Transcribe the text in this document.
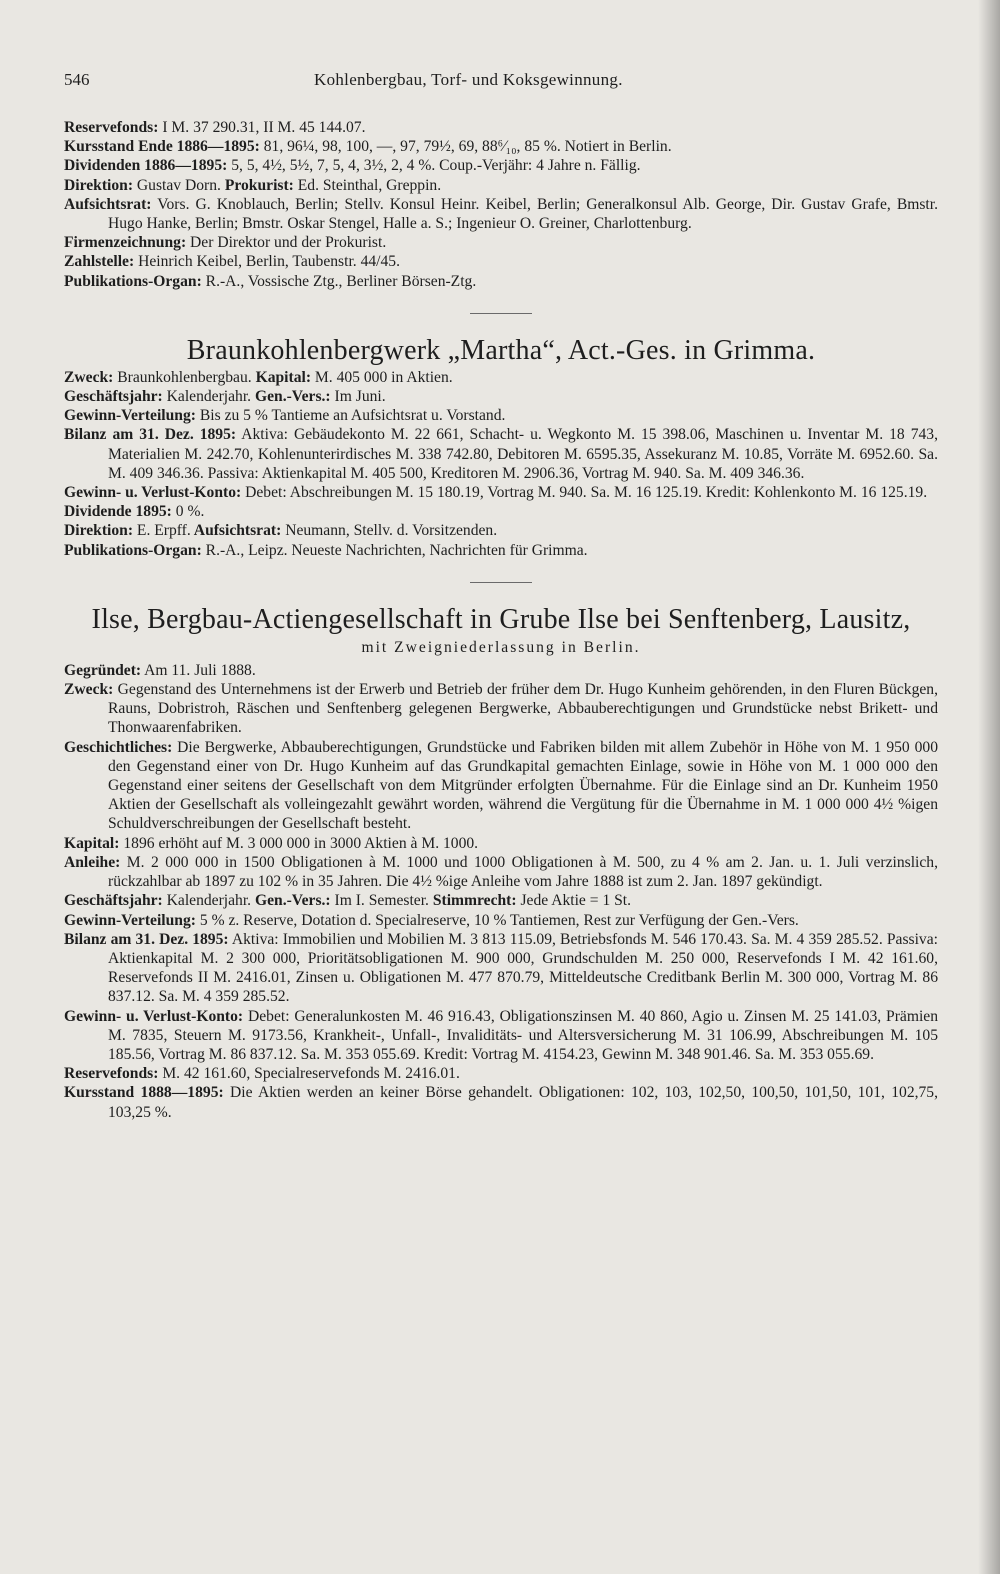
546	Kohlenbergbau, Torf- und Koksgewinnung.

Reservefonds: I M. 37 290.31, II M. 45 144.07.

Kursstand Ende 1886—1895: 81, 96¼, 98, 100, —, 97, 79½, 69, 88⁶⁄₁₀, 85 %. Notiert in Berlin.

Dividenden 1886—1895: 5, 5, 4½, 5½, 7, 5, 4, 3½, 2, 4 %. Coup.-Verjähr: 4 Jahre n. Fällig.

Direktion: Gustav Dorn. Prokurist: Ed. Steinthal, Greppin.

Aufsichtsrat: Vors. G. Knoblauch, Berlin; Stellv. Konsul Heinr. Keibel, Berlin; Generalkonsul Alb. George, Dir. Gustav Grafe, Bmstr. Hugo Hanke, Berlin; Bmstr. Oskar Stengel, Halle a. S.; Ingenieur O. Greiner, Charlottenburg.

Firmenzeichnung: Der Direktor und der Prokurist.

Zahlstelle: Heinrich Keibel, Berlin, Taubenstr. 44/45.

Publikations-Organ: R.-A., Vossische Ztg., Berliner Börsen-Ztg.

Braunkohlenbergwerk „Martha“, Act.-Ges. in Grimma.

Zweck: Braunkohlenbergbau. Kapital: M. 405 000 in Aktien.

Geschäftsjahr: Kalenderjahr. Gen.-Vers.: Im Juni.

Gewinn-Verteilung: Bis zu 5 % Tantieme an Aufsichtsrat u. Vorstand.

Bilanz am 31. Dez. 1895: Aktiva: Gebäudekonto M. 22 661, Schacht- u. Wegkonto M. 15 398.06, Maschinen u. Inventar M. 18 743, Materialien M. 242.70, Kohlenunterirdisches M. 338 742.80, Debitoren M. 6595.35, Assekuranz M. 10.85, Vorräte M. 6952.60. Sa. M. 409 346.36. Passiva: Aktienkapital M. 405 500, Kreditoren M. 2906.36, Vortrag M. 940. Sa. M. 409 346.36.

Gewinn- u. Verlust-Konto: Debet: Abschreibungen M. 15 180.19, Vortrag M. 940. Sa. M. 16 125.19. Kredit: Kohlenkonto M. 16 125.19.

Dividende 1895: 0 %.

Direktion: E. Erpff. Aufsichtsrat: Neumann, Stellv. d. Vorsitzenden.

Publikations-Organ: R.-A., Leipz. Neueste Nachrichten, Nachrichten für Grimma.

Ilse, Bergbau-Actiengesellschaft in Grube Ilse bei Senftenberg, Lausitz,
mit Zweigniederlassung in Berlin.

Gegründet: Am 11. Juli 1888.

Zweck: Gegenstand des Unternehmens ist der Erwerb und Betrieb der früher dem Dr. Hugo Kunheim gehörenden, in den Fluren Bückgen, Rauns, Dobristroh, Räschen und Senftenberg gelegenen Bergwerke, Abbauberechtigungen und Grundstücke nebst Brikett- und Thonwaarenfabriken.

Geschichtliches: Die Bergwerke, Abbauberechtigungen, Grundstücke und Fabriken bilden mit allem Zubehör in Höhe von M. 1 950 000 den Gegenstand einer von Dr. Hugo Kunheim auf das Grundkapital gemachten Einlage, sowie in Höhe von M. 1 000 000 den Gegenstand einer seitens der Gesellschaft von dem Mitgründer erfolgten Übernahme. Für die Einlage sind an Dr. Kunheim 1950 Aktien der Gesellschaft als volleingezahlt gewährt worden, während die Vergütung für die Übernahme in M. 1 000 000 4½ %igen Schuldverschreibungen der Gesellschaft besteht.

Kapital: 1896 erhöht auf M. 3 000 000 in 3000 Aktien à M. 1000.

Anleihe: M. 2 000 000 in 1500 Obligationen à M. 1000 und 1000 Obligationen à M. 500, zu 4 % am 2. Jan. u. 1. Juli verzinslich, rückzahlbar ab 1897 zu 102 % in 35 Jahren. Die 4½ %ige Anleihe vom Jahre 1888 ist zum 2. Jan. 1897 gekündigt.

Geschäftsjahr: Kalenderjahr. Gen.-Vers.: Im I. Semester. Stimmrecht: Jede Aktie = 1 St.

Gewinn-Verteilung: 5 % z. Reserve, Dotation d. Specialreserve, 10 % Tantiemen, Rest zur Verfügung der Gen.-Vers.

Bilanz am 31. Dez. 1895: Aktiva: Immobilien und Mobilien M. 3 813 115.09, Betriebsfonds M. 546 170.43. Sa. M. 4 359 285.52. Passiva: Aktienkapital M. 2 300 000, Prioritätsobligationen M. 900 000, Grundschulden M. 250 000, Reservefonds I M. 42 161.60, Reservefonds II M. 2416.01, Zinsen u. Obligationen M. 477 870.79, Mitteldeutsche Creditbank Berlin M. 300 000, Vortrag M. 86 837.12. Sa. M. 4 359 285.52.

Gewinn- u. Verlust-Konto: Debet: Generalunkosten M. 46 916.43, Obligationszinsen M. 40 860, Agio u. Zinsen M. 25 141.03, Prämien M. 7835, Steuern M. 9173.56, Krankheit-, Unfall-, Invaliditäts- und Altersversicherung M. 31 106.99, Abschreibungen M. 105 185.56, Vortrag M. 86 837.12. Sa. M. 353 055.69. Kredit: Vortrag M. 4154.23, Gewinn M. 348 901.46. Sa. M. 353 055.69.

Reservefonds: M. 42 161.60, Specialreservefonds M. 2416.01.

Kursstand 1888—1895: Die Aktien werden an keiner Börse gehandelt. Obligationen: 102, 103, 102,50, 100,50, 101,50, 101, 102,75, 103,25 %.
